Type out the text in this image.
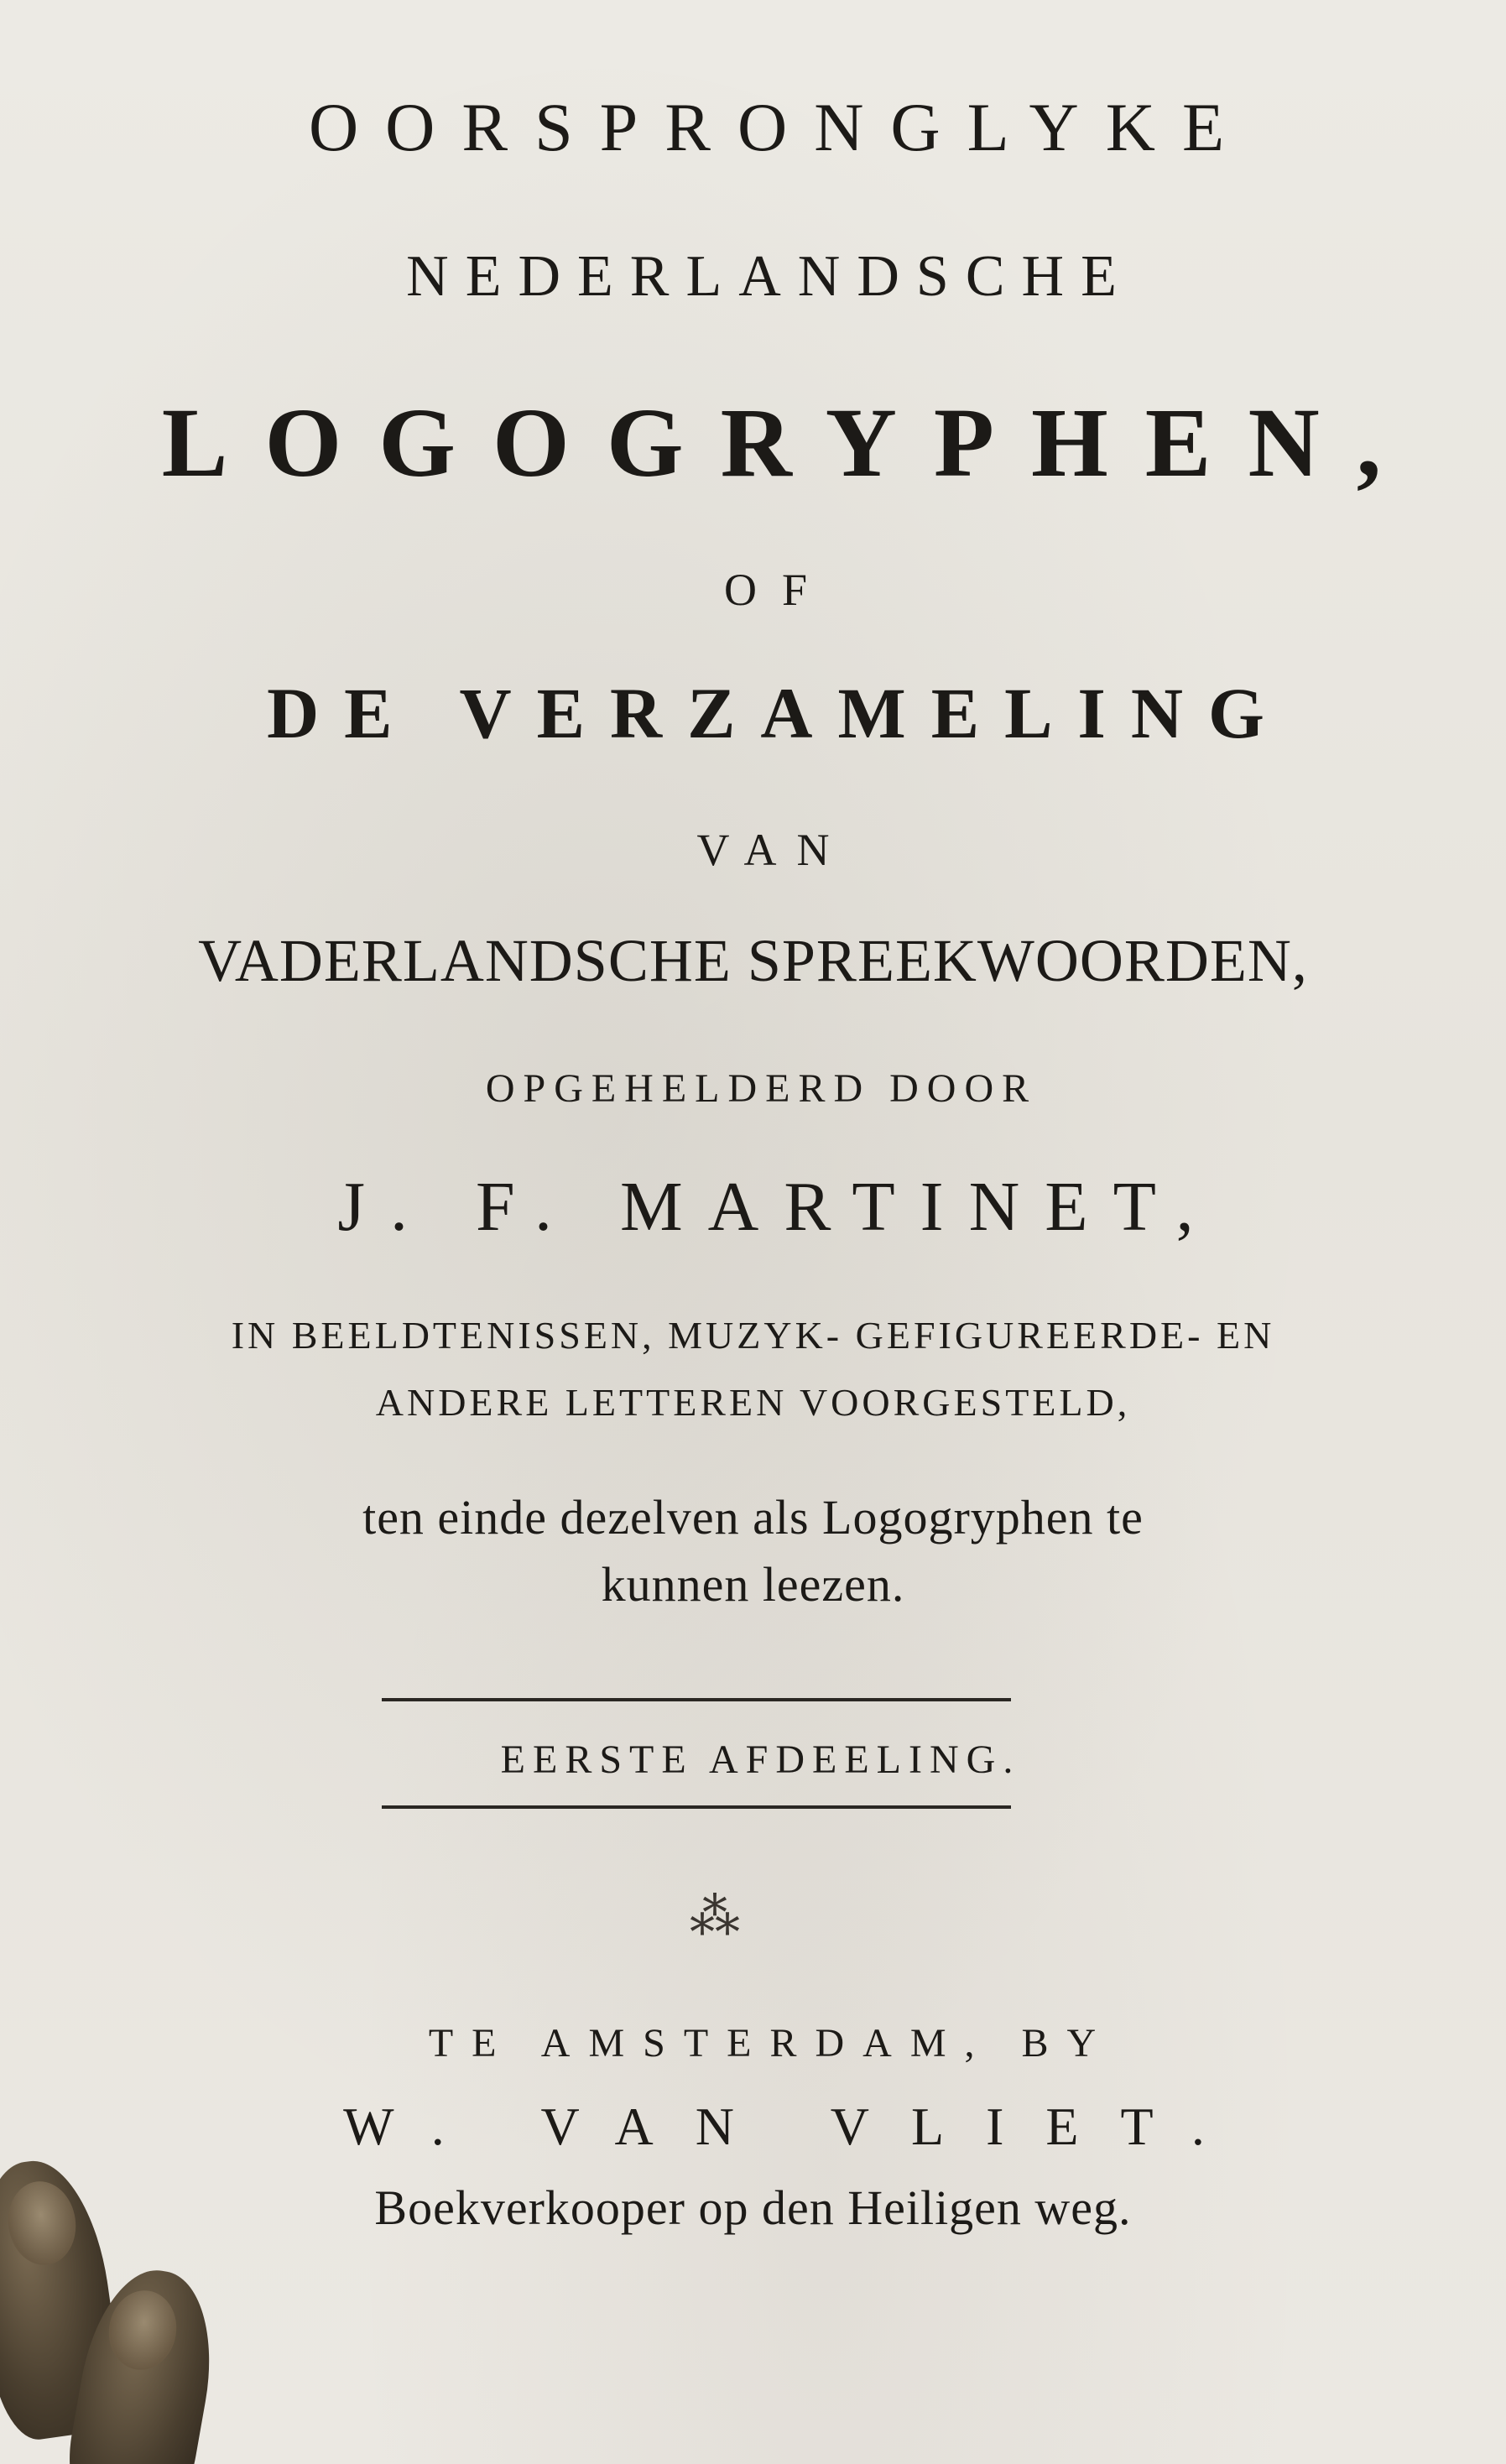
OORSPRONGLYKE
NEDERLANDSCHE
LOGOGRYPHEN,
OF
DE VERZAMELING
VAN
VADERLANDSCHE SPREEKWOORDEN,
OPGEHELDERD DOOR
J. F. MARTINET,
IN BEELDTENISSEN, MUZYK- GEFIGUREERDE- EN
ANDERE LETTEREN VOORGESTELD,
ten einde dezelven als Logogryphen te
kunnen leezen.
EERSTE AFDEELING.
⁂
TE AMSTERDAM, BY
W. VAN VLIET.
Boekverkooper op den Heiligen weg.
